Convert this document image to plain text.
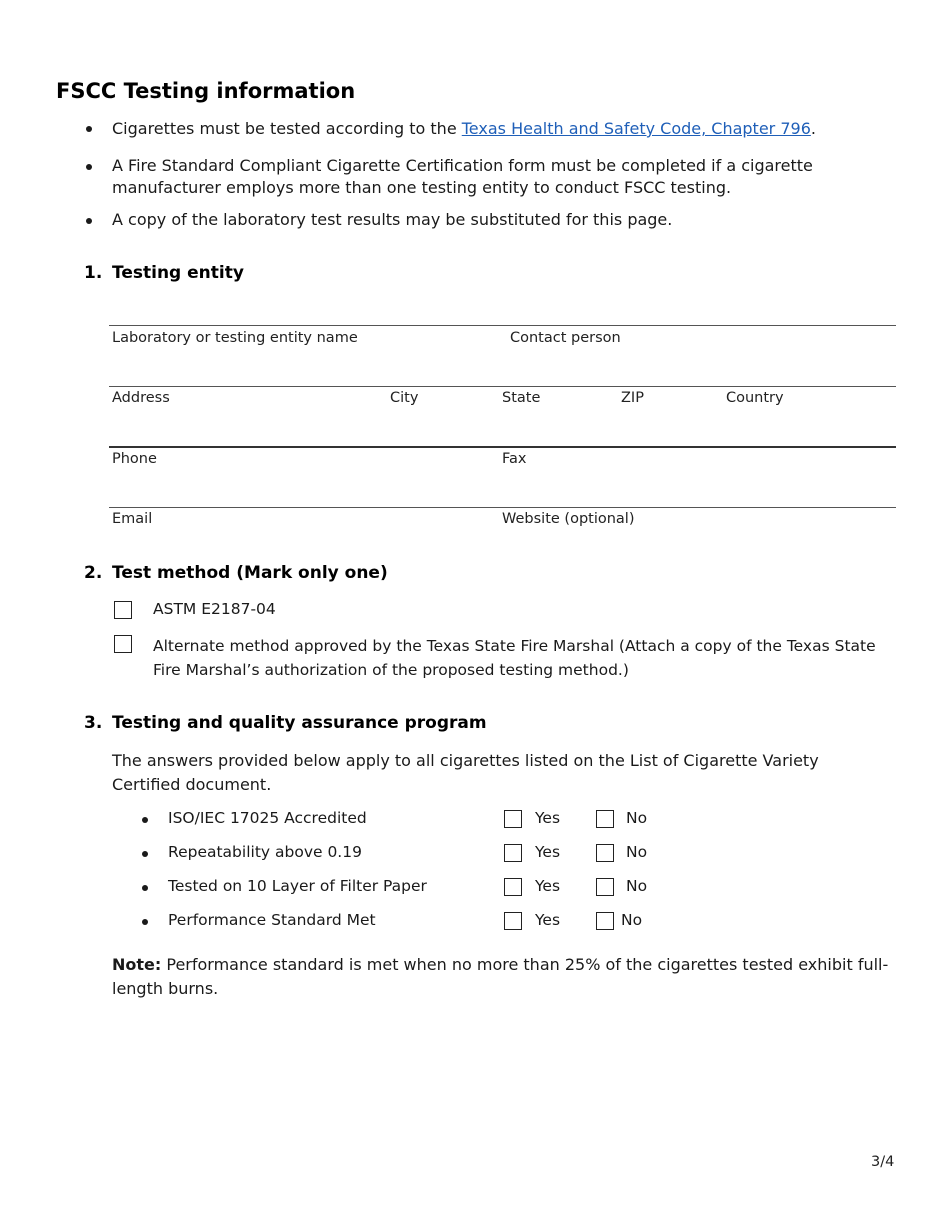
FSCC Testing information
Cigarettes must be tested according to the Texas Health and Safety Code, Chapter 796.
A Fire Standard Compliant Cigarette Certification form must be completed if a cigarette manufacturer employs more than one testing entity to conduct FSCC testing.
A copy of the laboratory test results may be substituted for this page.
1. Testing entity
Laboratory or testing entity name	Contact person
Address	City	State	ZIP	Country
Phone	Fax
Email	Website (optional)
2. Test method (Mark only one)
ASTM E2187-04
Alternate method approved by the Texas State Fire Marshal (Attach a copy of the Texas State Fire Marshal’s authorization of the proposed testing method.)
3. Testing and quality assurance program
The answers provided below apply to all cigarettes listed on the List of Cigarette Variety Certified document.
ISO/IEC 17025 Accredited	Yes	No
Repeatability above 0.19	Yes	No
Tested on 10 Layer of Filter Paper	Yes	No
Performance Standard Met	Yes	No
Note: Performance standard is met when no more than 25% of the cigarettes tested exhibit full-length burns.
3/4
